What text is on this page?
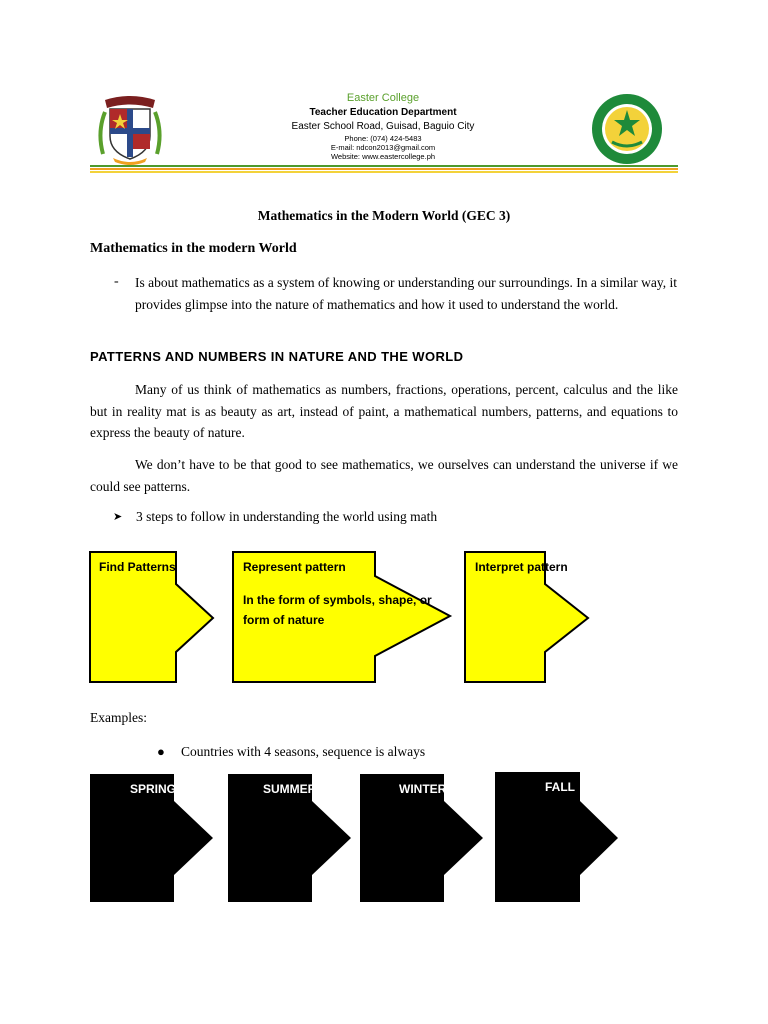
Easter College
Teacher Education Department
Easter School Road, Guisad, Baguio City
Phone: (074) 424-5483
E-mail: ndcon2013@gmail.com
Website: www.eastercollege.ph
Mathematics in the Modern World (GEC 3)
Mathematics in the modern World
- Is about mathematics as a system of knowing or understanding our surroundings. In a similar way, it provides glimpse into the nature of mathematics and how it used to understand the world.
PATTERNS AND NUMBERS IN NATURE AND THE WORLD
Many of us think of mathematics as numbers, fractions, operations, percent, calculus and the like but in reality mat is as beauty as art, instead of paint, a mathematical numbers, patterns, and equations to express the beauty of nature.
We don’t have to be that good to see mathematics, we ourselves can understand the universe if we could see patterns.
➤ 3 steps to follow in understanding the world using math
Find Patterns	Represent pattern
In the form of symbols, shape, or
form of nature
Interpret pattern
Examples:
● Countries with 4 seasons, sequence is always
SPRING	SUMMER	WINTER	FALL
